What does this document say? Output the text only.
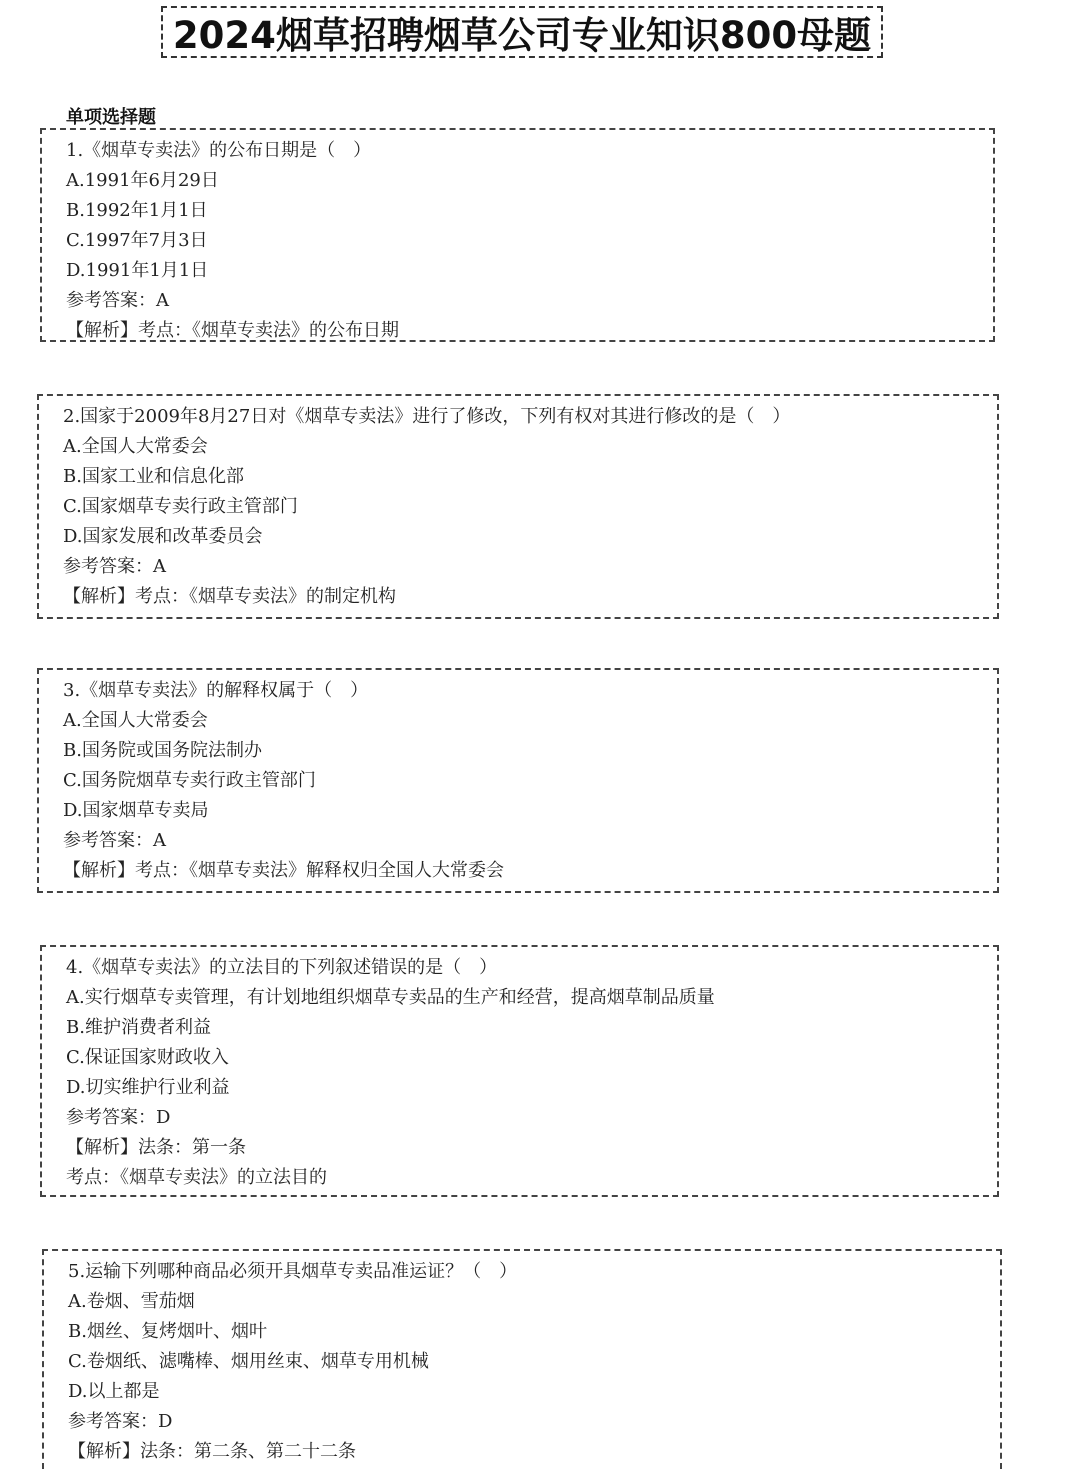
2024烟草招聘烟草公司专业知识800母题
单项选择题
1.《烟草专卖法》的公布日期是（　）
A.1991年6月29日
B.1992年1月1日
C.1997年7月3日
D.1991年1月1日
参考答案：A
【解析】考点：《烟草专卖法》的公布日期
2.国家于2009年8月27日对《烟草专卖法》进行了修改，下列有权对其进行修改的是（　）
A.全国人大常委会
B.国家工业和信息化部
C.国家烟草专卖行政主管部门
D.国家发展和改革委员会
参考答案：A
【解析】考点：《烟草专卖法》的制定机构
3.《烟草专卖法》的解释权属于（　）
A.全国人大常委会
B.国务院或国务院法制办
C.国务院烟草专卖行政主管部门
D.国家烟草专卖局
参考答案：A
【解析】考点：《烟草专卖法》解释权归全国人大常委会
4.《烟草专卖法》的立法目的下列叙述错误的是（　）
A.实行烟草专卖管理，有计划地组织烟草专卖品的生产和经营，提高烟草制品质量
B.维护消费者利益
C.保证国家财政收入
D.切实维护行业利益
参考答案：D
【解析】法条：第一条
考点：《烟草专卖法》的立法目的
5.运输下列哪种商品必须开具烟草专卖品准运证？（　）
A.卷烟、雪茄烟
B.烟丝、复烤烟叶、烟叶
C.卷烟纸、滤嘴棒、烟用丝束、烟草专用机械
D.以上都是
参考答案：D
【解析】法条：第二条、第二十二条
